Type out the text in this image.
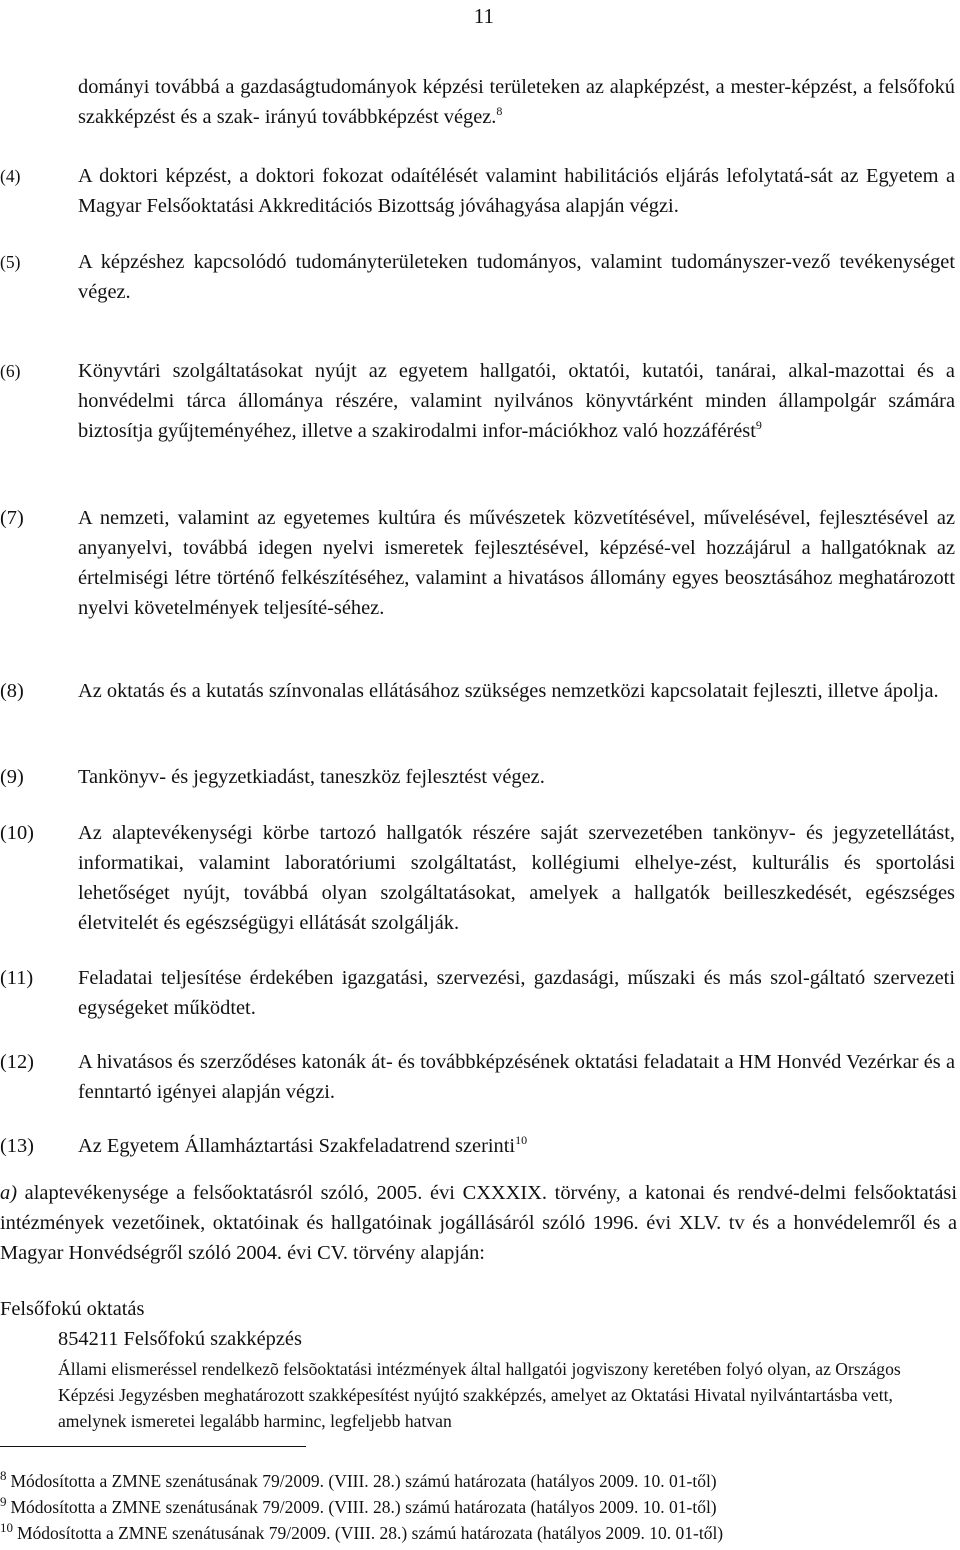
11
dományi továbbá a gazdaságtudományok képzési területeken az alapképzést, a mester-képzést, a felsőfokú szakképzést és a szak- irányú továbbképzést végez.$^8$
(4)	A doktori képzést, a doktori fokozat odaítélését valamint habilitációs eljárás lefolytatá-sát az Egyetem a Magyar Felsőoktatási Akkreditációs Bizottság jóváhagyása alapján végzi.
(5)	A képzéshez kapcsolódó tudományterületeken tudományos, valamint tudományszer-vező tevékenységet végez.
(6)	Könyvtári szolgáltatásokat nyújt az egyetem hallgatói, oktatói, kutatói, tanárai, alkal-mazottai és a honvédelmi tárca állománya részére, valamint nyilvános könyvtárként minden állampolgár számára biztosítja gyűjteményéhez, illetve a szakirodalmi infor-mációkhoz való hozzáférést$^9$
(7)	A nemzeti, valamint az egyetemes kultúra és művészetek közvetítésével, művelésével, fejlesztésével az anyanyelvi, továbbá idegen nyelvi ismeretek fejlesztésével, képzésé-vel hozzájárul a hallgatóknak az értelmiségi létre történő felkészítéséhez, valamint a hivatásos állomány egyes beosztásához meghatározott nyelvi követelmények teljesíté-séhez.
(8)	Az oktatás és a kutatás színvonalas ellátásához szükséges nemzetközi kapcsolatait fejleszti, illetve ápolja.
(9)	Tankönyv- és jegyzetkiadást, taneszköz fejlesztést végez.
(10) Az alaptevékenységi körbe tartozó hallgatók részére saját szervezetében tankönyv- és jegyzetellátást, informatikai, valamint laboratóriumi szolgáltatást, kollégiumi elhelye-zést, kulturális és sportolási lehetőséget nyújt, továbbá olyan szolgáltatásokat, amelyek a hallgatók beilleszkedését, egészséges életvitelét és egészségügyi ellátását szolgálják.
(11) Feladatai teljesítése érdekében igazgatási, szervezési, gazdasági, műszaki és más szol-gáltató szervezeti egységeket működtet.
(12) A hivatásos és szerződéses katonák át- és továbbképzésének oktatási feladatait a HM Honvéd Vezérkar és a fenntartó igényei alapján végzi.
(13) Az Egyetem Államháztartási Szakfeladatrend szerinti$^{10}$
a) alaptevékenysége a felsőoktatásról szóló, 2005. évi CXXXIX. törvény, a katonai és rendvé-delmi felsőoktatási intézmények vezetőinek, oktatóinak és hallgatóinak jogállásáról szóló 1996. évi XLV. tv és a honvédelemről és a Magyar Honvédségről szóló 2004. évi CV. törvény alapján:
Felsőfokú oktatás
854211 Felsőfokú szakképzés
Állami elismeréssel rendelkezõ felsõoktatási intézmények által hallgatói jogviszony keretében folyó olyan, az Országos Képzési Jegyzésben meghatározott szakképesítést nyújtó szakképzés, amelyet az Oktatási Hivatal nyilvántartásba vett, amelynek ismeretei legalább harminc, legfeljebb hatvan
$^8$ Módosította a ZMNE szenátusának 79/2009. (VIII. 28.) számú határozata (hatályos 2009. 10. 01-től)
$^9$ Módosította a ZMNE szenátusának 79/2009. (VIII. 28.) számú határozata (hatályos 2009. 10. 01-től)
$^{10}$ Módosította a ZMNE szenátusának 79/2009. (VIII. 28.) számú határozata (hatályos 2009. 10. 01-től)
